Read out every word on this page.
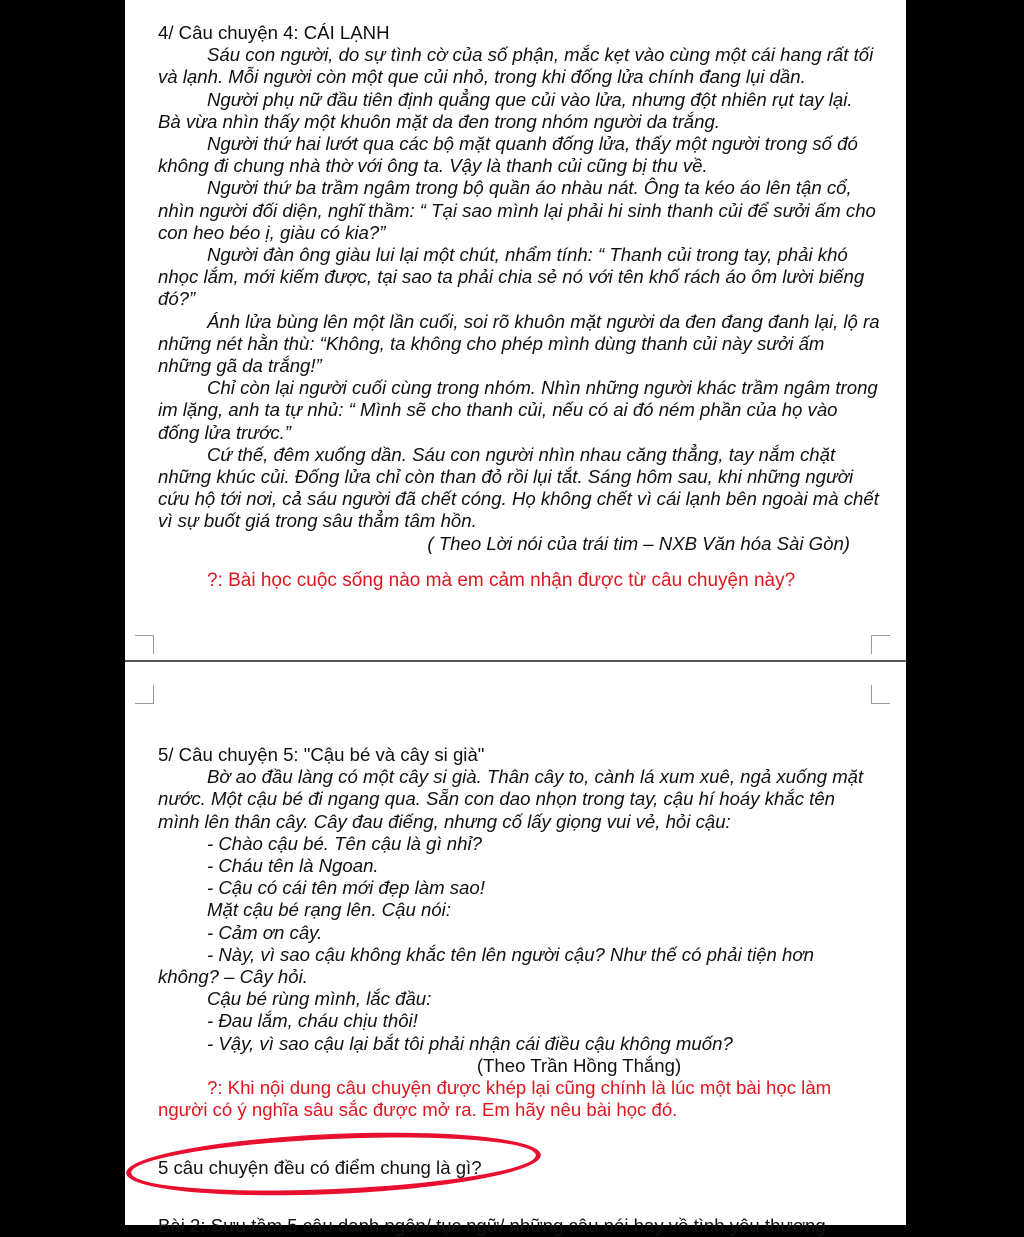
4/ Câu chuyện 4: CÁI LẠNH

Sáu con người, do sự tình cờ của số phận, mắc kẹt vào cùng một cái hang rất tối và lạnh. Mỗi người còn một que củi nhỏ, trong khi đống lửa chính đang lụi dần.

Người phụ nữ đầu tiên định quẳng que củi vào lửa, nhưng đột nhiên rụt tay lại. Bà vừa nhìn thấy một khuôn mặt da đen trong nhóm người da trắng.

Người thứ hai lướt qua các bộ mặt quanh đống lửa, thấy một người trong số đó không đi chung nhà thờ với ông ta. Vậy là thanh củi cũng bị thu về.

Người thứ ba trầm ngâm trong bộ quần áo nhàu nát. Ông ta kéo áo lên tận cổ, nhìn người đối diện, nghĩ thầm: “ Tại sao mình lại phải hi sinh thanh củi để sưởi ấm cho con heo béo ị, giàu có kia?”

Người đàn ông giàu lui lại một chút, nhẩm tính: “ Thanh củi trong tay, phải khó nhọc lắm, mới kiếm được, tại sao ta phải chia sẻ nó với tên khố rách áo ôm lười biếng đó?”

Ánh lửa bùng lên một lần cuối, soi rõ khuôn mặt người da đen đang đanh lại, lộ ra những nét hằn thù: “Không, ta không cho phép mình dùng thanh củi này sưởi ấm những gã da trắng!”

Chỉ còn lại người cuối cùng trong nhóm. Nhìn những người khác trầm ngâm trong im lặng, anh ta tự nhủ: “ Mình sẽ cho thanh củi, nếu có ai đó ném phần của họ vào đống lửa trước.”

Cứ thế, đêm xuống dần. Sáu con người nhìn nhau căng thẳng, tay nắm chặt những khúc củi. Đống lửa chỉ còn than đỏ rồi lụi tắt. Sáng hôm sau, khi những người cứu hộ tới nơi, cả sáu người đã chết cóng. Họ không chết vì cái lạnh bên ngoài mà chết vì sự buốt giá trong sâu thẳm tâm hồn.

( Theo Lời nói của trái tim – NXB Văn hóa Sài Gòn)

?: Bài học cuộc sống nào mà em cảm nhận được từ câu chuyện này?

5/ Câu chuyện 5: "Cậu bé và cây si già"

Bờ ao đầu làng có một cây si già. Thân cây to, cành lá xum xuê, ngả xuống mặt nước. Một cậu bé đi ngang qua. Sẵn con dao nhọn trong tay, cậu hí hoáy khắc tên mình lên thân cây. Cây đau điếng, nhưng cố lấy giọng vui vẻ, hỏi cậu:

- Chào cậu bé. Tên cậu là gì nhỉ?

- Cháu tên là Ngoan.

- Cậu có cái tên mới đẹp làm sao!

Mặt cậu bé rạng lên. Cậu nói:

- Cảm ơn cây.

- Này, vì sao cậu không khắc tên lên người cậu? Như thế có phải tiện hơn không? – Cây hỏi.

Cậu bé rùng mình, lắc đầu:

- Đau lắm, cháu chịu thôi!

- Vậy, vì sao cậu lại bắt tôi phải nhận cái điều cậu không muốn?

(Theo Trần Hồng Thắng)

?: Khi nội dung câu chuyện được khép lại cũng chính là lúc một bài học làm người có ý nghĩa sâu sắc được mở ra. Em hãy nêu bài học đó.

5 câu chuyện đều có điểm chung là gì?

Bài 2: Sưu tầm 5 câu danh ngôn/ tục ngữ/ những câu nói hay về tình yêu thương
